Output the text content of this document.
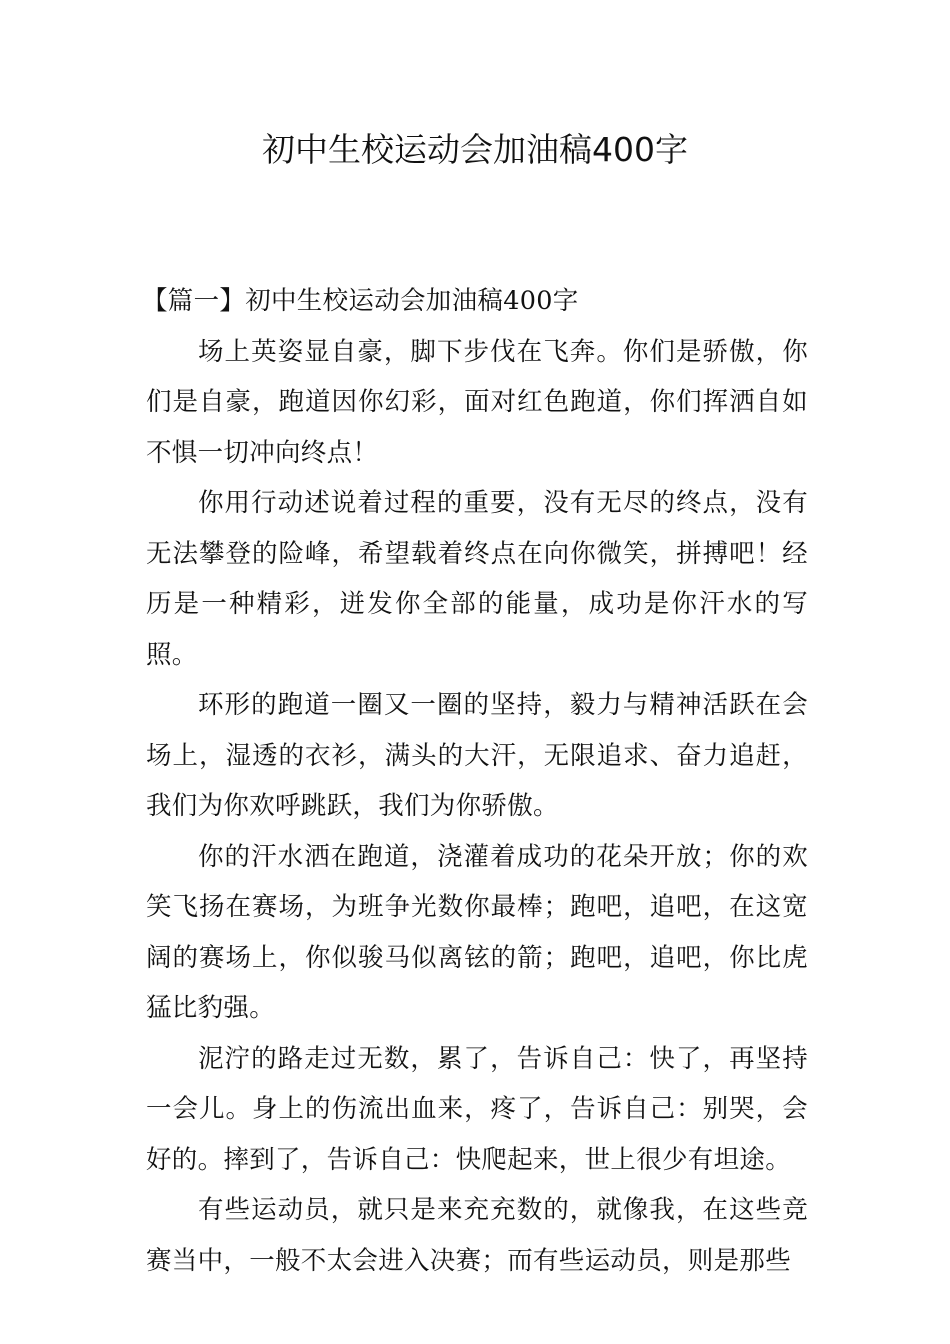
初中生校运动会加油稿400字

【篇一】初中生校运动会加油稿400字

场上英姿显自豪，脚下步伐在飞奔。你们是骄傲，你们是自豪，跑道因你幻彩，面对红色跑道，你们挥洒自如不惧一切冲向终点！

你用行动述说着过程的重要，没有无尽的终点，没有无法攀登的险峰，希望载着终点在向你微笑，拼搏吧！经历是一种精彩，迸发你全部的能量，成功是你汗水的写照。

环形的跑道一圈又一圈的坚持，毅力与精神活跃在会场上，湿透的衣衫，满头的大汗，无限追求、奋力追赶，我们为你欢呼跳跃，我们为你骄傲。

你的汗水洒在跑道，浇灌着成功的花朵开放；你的欢笑飞扬在赛场，为班争光数你最棒；跑吧，追吧，在这宽阔的赛场上，你似骏马似离铉的箭；跑吧，追吧，你比虎猛比豹强。

泥泞的路走过无数，累了，告诉自己：快了，再坚持一会儿。身上的伤流出血来，疼了，告诉自己：别哭，会好的。摔到了，告诉自己：快爬起来，世上很少有坦途。

有些运动员，就只是来充充数的，就像我，在这些竞赛当中，一般不太会进入决赛；而有些运动员，则是那些
